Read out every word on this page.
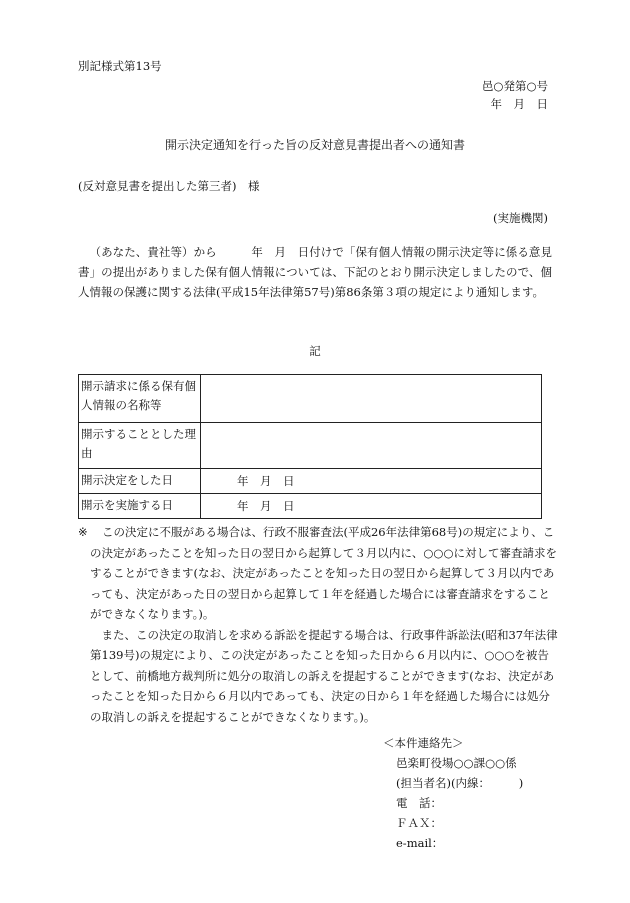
別記様式第13号
邑○発第○号
年　月　日
開示決定通知を行った旨の反対意見書提出者への通知書
(反対意見書を提出した第三者)　様
(実施機関)
（あなた、貴社等）から　　　年　月　日付けで「保有個人情報の開示決定等に係る意見書」の提出がありました保有個人情報については、下記のとおり開示決定しましたので、個人情報の保護に関する法律(平成15年法律第57号)第86条第３項の規定により通知します。
記
開示請求に係る保有個人情報の名称等	
開示することとした理由	
開示決定をした日	年　月　日
開示を実施する日	年　月　日

※ この決定に不服がある場合は、行政不服審査法(平成26年法律第68号)の規定により、この決定があったことを知った日の翌日から起算して３月以内に、○○○に対して審査請求をすることができます(なお、決定があったことを知った日の翌日から起算して３月以内であっても、決定があった日の翌日から起算して１年を経過した場合には審査請求をすることができなくなります。)。

また、この決定の取消しを求める訴訟を提起する場合は、行政事件訴訟法(昭和37年法律第139号)の規定により、この決定があったことを知った日から６月以内に、○○○を被告として、前橋地方裁判所に処分の取消しの訴えを提起することができます(なお、決定があったことを知った日から６月以内であっても、決定の日から１年を経過した場合には処分の取消しの訴えを提起することができなくなります。)。

＜本件連絡先＞
邑楽町役場○○課○○係
(担当者名)(内線：　　　)
電　話：
ＦＡＸ：
e-mail：
